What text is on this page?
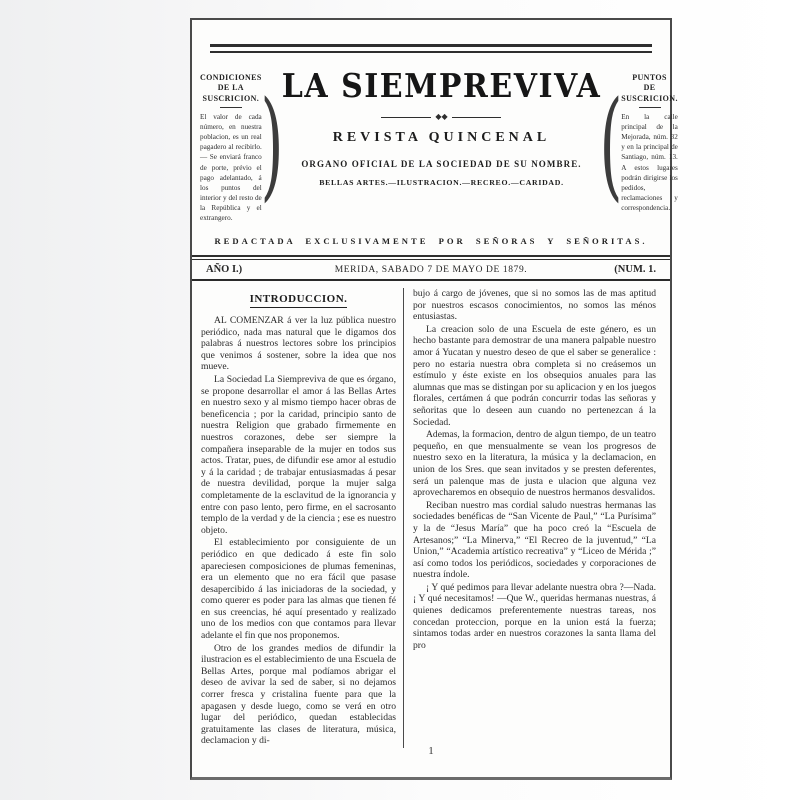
CONDICIONES
DE LA SUSCRICION.
El valor de cada número, en nuestra poblacion, es un real pagadero al recibirlo.— Se enviará franco de porte, prévio el pago adelantado, á los puntos del interior y del resto de la República y el extrangero.
)
LA SIEMPREVIVA
◆◆
REVISTA QUINCENAL
ORGANO OFICIAL DE LA SOCIEDAD DE SU NOMBRE.
BELLAS ARTES.—ILUSTRACION.—RECREO.—CARIDAD. (	PUNTOS
DE SUSCRICION.
En la calle principal de la Mejorada, núm. 32 y en la principal de Santiago, núm. 13. A estos lugares podrán dirigirse los pedidos, reclamaciones y correspondencia.
REDACTADA EXCLUSIVAMENTE POR SEÑORAS Y SEÑORITAS.
AÑO I.)	MERIDA, SABADO 7 DE MAYO DE 1879.	(NUM. 1.
INTRODUCCION.

AL COMENZAR á ver la luz pública nuestro periódico, nada mas natural que le digamos dos palabras á nuestros lectores sobre los principios que venimos á sostener, sobre la idea que nos mueve.

La Sociedad La Siempreviva de que es órgano, se propone desarrollar el amor á las Bellas Artes en nuestro sexo y al mismo tiempo hacer obras de beneficencia ; por la caridad, principio santo de nuestra Religion que grabado firmemente en nuestros corazones, debe ser siempre la compañera inseparable de la mujer en todos sus actos. Tratar, pues, de difundir ese amor al estudio y á la caridad ; de trabajar entusiasmadas á pesar de nuestra devilidad, porque la mujer salga completamente de la esclavitud de la ignorancia y entre con paso lento, pero firme, en el sacrosanto templo de la verdad y de la ciencia ; ese es nuestro objeto.

El establecimiento por consiguiente de un periódico en que dedicado á este fin solo apareciesen composiciones de plumas femeninas, era un elemento que no era fácil que pasase desapercibido á las iniciadoras de la sociedad, y como querer es poder para las almas que tienen fé en sus creencias, hé aquí presentado y realizado uno de los medios con que contamos para llevar adelante el fin que nos proponemos.

Otro de los grandes medios de difundir la ilustracion es el establecimiento de una Escuela de Bellas Artes, porque mal podíamos abrigar el deseo de avivar la sed de saber, si no dejamos correr fresca y cristalina fuente para que la apagasen y desde luego, como se verá en otro lugar del periódico, quedan establecidas gratuitamente las clases de literatura, música, declamacion y di-

bujo á cargo de jóvenes, que si no somos las de mas aptitud por nuestros escasos conocimientos, no somos las ménos entusiastas.

La creacion solo de una Escuela de este género, es un hecho bastante para demostrar de una manera palpable nuestro amor á Yucatan y nuestro deseo de que el saber se generalice : pero no estaria nuestra obra completa si no creásemos un estímulo y éste existe en los obsequios anuales para las alumnas que mas se distingan por su aplicacion y en los juegos florales, certámen á que podrán concurrir todas las señoras y señoritas que lo deseen aun cuando no pertenezcan á la Sociedad.

Ademas, la formacion, dentro de algun tiempo, de un teatro pequeño, en que mensualmente se vean los progresos de nuestro sexo en la literatura, la música y la declamacion, en union de los Sres. que sean invitados y se presten deferentes, será un palenque mas de justa e ulacion que alguna vez aprovecharemos en obsequio de nuestros hermanos desvalidos.

Reciban nuestro mas cordial saludo nuestras hermanas las sociedades benéficas de “San Vicente de Paul,” “La Purísima” y la de “Jesus María” que ha poco creó la “Escuela de Artesanos;” “La Minerva,” “El Recreo de la juventud,” “La Union,” “Academia artístico recreativa” y “Liceo de Mérida ;” así como todos los periódicos, sociedades y corporaciones de nuestra índole.

¡ Y qué pedimos para llevar adelante nuestra obra ?—Nada. ¡ Y qué necesitamos! —Que W., queridas hermanas nuestras, á quienes dedicamos preferentemente nuestras tareas, nos concedan proteccion, porque en la union está la fuerza; sintamos todas arder en nuestros corazones la santa llama del pro

1
